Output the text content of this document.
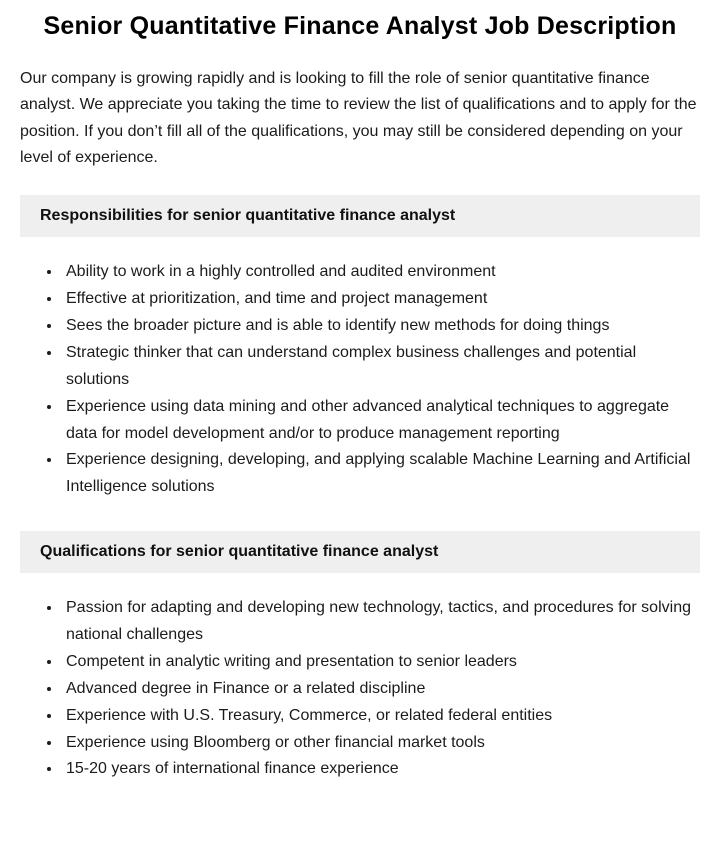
Senior Quantitative Finance Analyst Job Description

Our company is growing rapidly and is looking to fill the role of senior quantitative finance analyst. We appreciate you taking the time to review the list of qualifications and to apply for the position. If you don’t fill all of the qualifications, you may still be considered depending on your level of experience.

Responsibilities for senior quantitative finance analyst
• Ability to work in a highly controlled and audited environment
• Effective at prioritization, and time and project management
• Sees the broader picture and is able to identify new methods for doing things
• Strategic thinker that can understand complex business challenges and potential solutions
• Experience using data mining and other advanced analytical techniques to aggregate data for model development and/or to produce management reporting
• Experience designing, developing, and applying scalable Machine Learning and Artificial Intelligence solutions
Qualifications for senior quantitative finance analyst
• Passion for adapting and developing new technology, tactics, and procedures for solving national challenges
• Competent in analytic writing and presentation to senior leaders
• Advanced degree in Finance or a related discipline
• Experience with U.S. Treasury, Commerce, or related federal entities
• Experience using Bloomberg or other financial market tools
• 15-20 years of international finance experience
